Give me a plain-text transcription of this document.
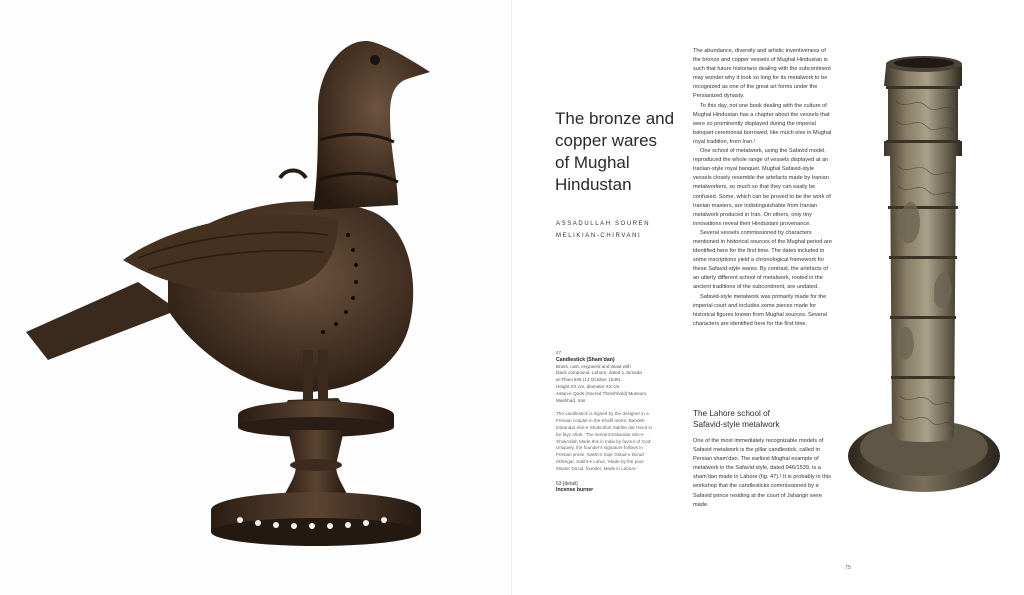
The bronze and copper wares of Mughal Hindustan
ASSADULLAH SOUREN
MELIKIAN-CHIRVANI
47
Candlestick (Sham'dan)
Brass, cast, engraved and inlaid with
black compound. Lahore, dated 1 Jumada
al-Thani 946 (14 October 1539).
Height XX cm, diameter XX cm.
Astan-e Qods (Sacred Threshhold) Museum,
Mashhad, Iran.
The candlestick is signed by the designer in a
Persian couplet in the Khafif metre: Bandeh
Eskandar ebn-e Shokrollah Sakhte dar Hend in
be-fayz Allah, 'The servant Eskandar ebn-e
Shokrollah Made this in India by favour of God'.
Uniquely, the founder's signature follows in
Persian prose: Sakht-e faqir Ostad-e Da'ud
rikhtegar, Sakht-e Lahur, 'Made by the poor
Master Da'ud, founder. Made in Lahore.'
63 [detail]
Incense burner

The abundance, diversity and artistic inventiveness of the bronze and copper vessels of Mughal Hindustan is such that future historians dealing with the subcontinent may wonder why it took so long for its metalwork to be recognized as one of the great art forms under the Persianized dynasty.

To this day, not one book dealing with the culture of Mughal Hindustan has a chapter about the vessels that were so prominently displayed during the imperial banquet ceremonial borrowed, like much else in Mughal royal tradition, from Iran.¹

One school of metalwork, using the Safavid model, reproduced the whole range of vessels displayed at an Iranian-style royal banquet. Mughal Safavid-style vessels closely resemble the artefacts made by Iranian metalworkers, so much so that they can easily be confused. Some, which can be proved to be the work of Iranian masters, are indistinguishable from Iranian metalwork produced in Iran. On others, only tiny innovations reveal their Hindustani provenance.

Several vessels commissioned by characters mentioned in historical sources of the Mughal period are identified here for the first time. The dates included in some inscriptions yield a chronological framework for these Safavid-style wares. By contrast, the artefacts of an utterly different school of metalwork, rooted in the ancient traditions of the subcontinent, are undated.

Safavid-style metalwork was primarily made for the imperial court and includes some pieces made for historical figures known from Mughal sources. Several characters are identified here for the first time.

The Lahore school of
Safavid-style metalwork

One of the most immediately recognizable models of Safavid metalwork is the pillar candlestick, called in Persian sham'dan. The earliest Mughal example of metalwork in the Safavid style, dated 946/1539, is a sham'dan made in Lahore (fig. 47).² It is probably in this workshop that the candlesticks commissioned by a Safavid prince residing at the court of Jahangir were made.

75
